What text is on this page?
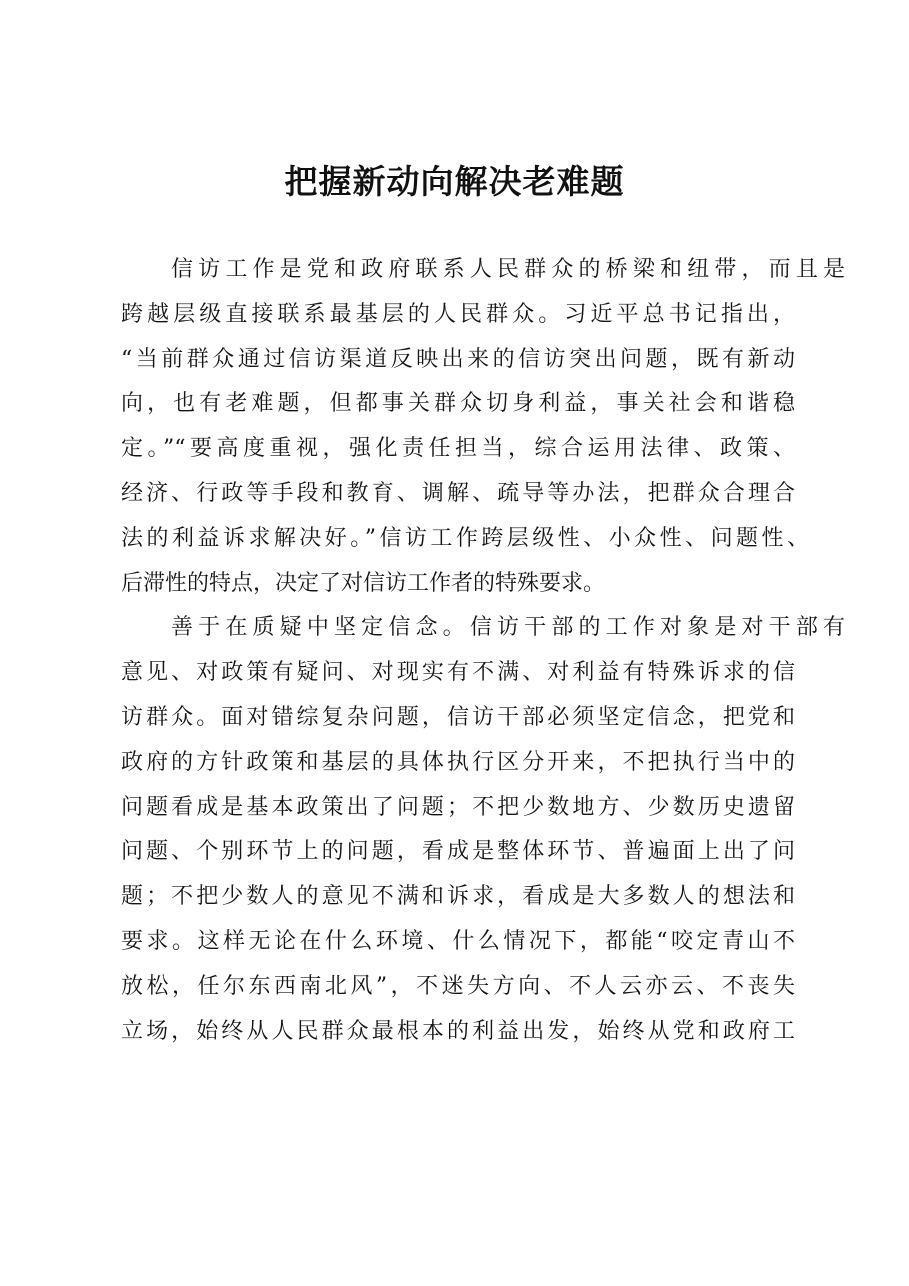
把握新动向解决老难题
信访工作是党和政府联系人民群众的桥梁和纽带，而且是
跨越层级直接联系最基层的人民群众。习近平总书记指出，
“当前群众通过信访渠道反映出来的信访突出问题，既有新动
向，也有老难题，但都事关群众切身利益，事关社会和谐稳
定。”“要高度重视，强化责任担当，综合运用法律、政策、
经济、行政等手段和教育、调解、疏导等办法，把群众合理合
法的利益诉求解决好。”信访工作跨层级性、小众性、问题性、
后滞性的特点，决定了对信访工作者的特殊要求。
善于在质疑中坚定信念。信访干部的工作对象是对干部有
意见、对政策有疑问、对现实有不满、对利益有特殊诉求的信
访群众。面对错综复杂问题，信访干部必须坚定信念，把党和
政府的方针政策和基层的具体执行区分开来，不把执行当中的
问题看成是基本政策出了问题；不把少数地方、少数历史遗留
问题、个别环节上的问题，看成是整体环节、普遍面上出了问
题；不把少数人的意见不满和诉求，看成是大多数人的想法和
要求。这样无论在什么环境、什么情况下，都能“咬定青山不
放松，任尔东西南北风”，不迷失方向、不人云亦云、不丧失
立场，始终从人民群众最根本的利益出发，始终从党和政府工
